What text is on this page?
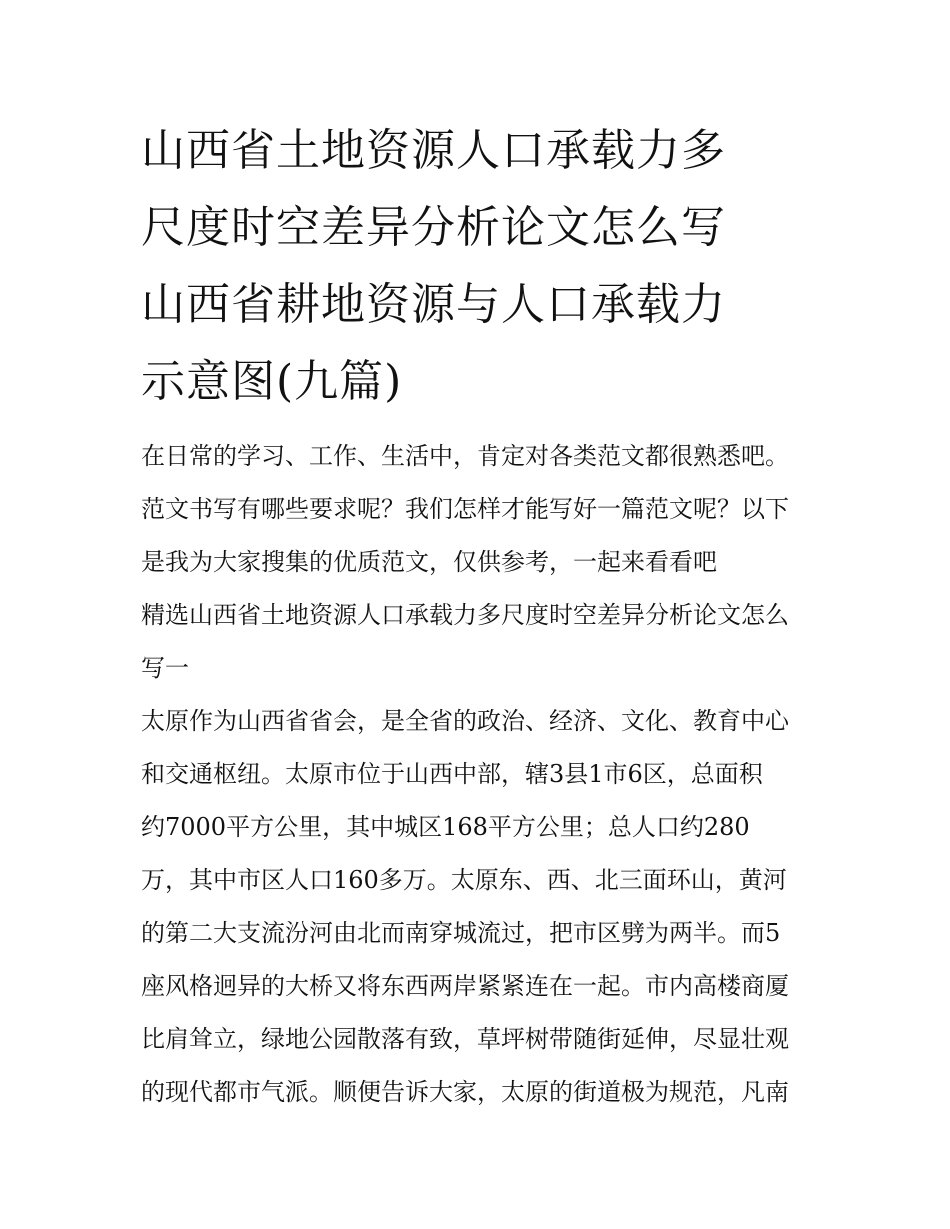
山西省土地资源人口承载力多
尺度时空差异分析论文怎么写
山西省耕地资源与人口承载力
示意图(九篇)

在日常的学习、工作、生活中，肯定对各类范文都很熟悉吧。
范文书写有哪些要求呢？我们怎样才能写好一篇范文呢？以下
是我为大家搜集的优质范文，仅供参考，一起来看看吧

精选山西省土地资源人口承载力多尺度时空差异分析论文怎么
写一

太原作为山西省省会，是全省的政治、经济、文化、教育中心
和交通枢纽。太原市位于山西中部，辖3县1市6区，总面积
约7000平方公里，其中城区168平方公里；总人口约280
万，其中市区人口160多万。太原东、西、北三面环山，黄河
的第二大支流汾河由北而南穿城流过，把市区劈为两半。而5
座风格迥异的大桥又将东西两岸紧紧连在一起。市内高楼商厦
比肩耸立，绿地公园散落有致，草坪树带随街延伸，尽显壮观
的现代都市气派。顺便告诉大家，太原的街道极为规范，凡南
